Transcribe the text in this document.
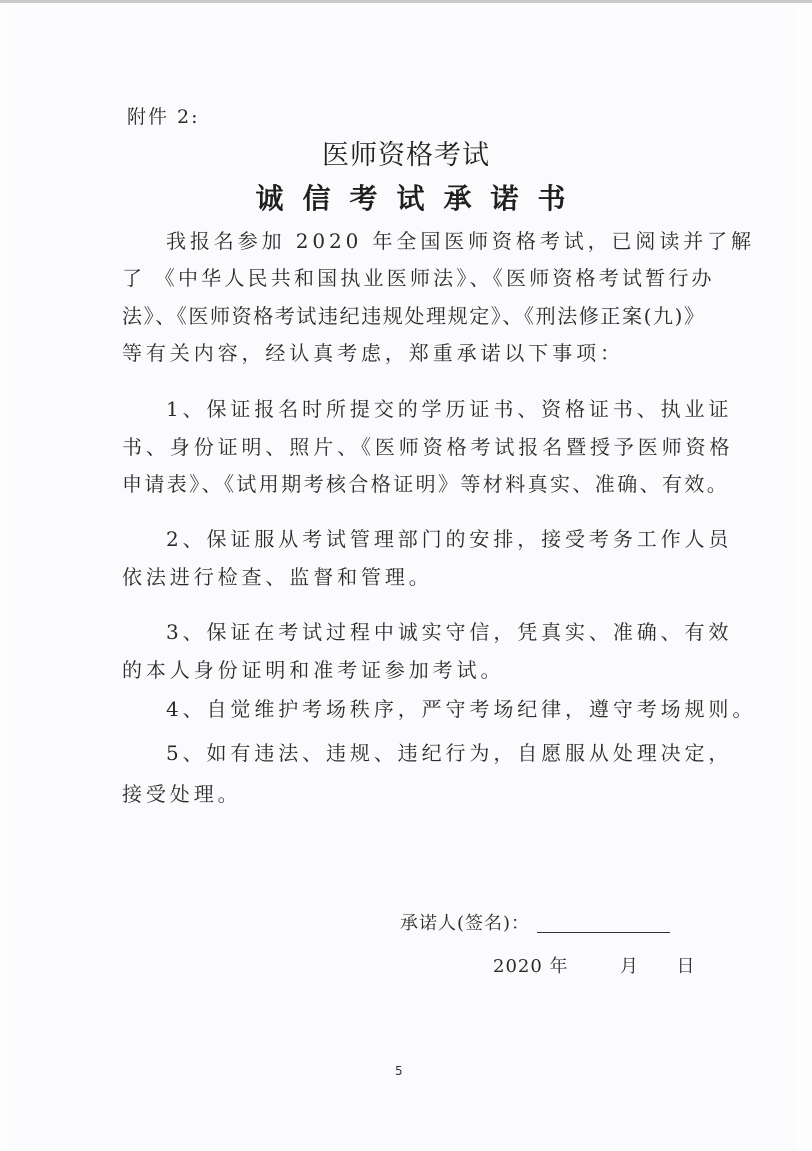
附件 2:
医师资格考试
诚信考试承诺书
我报名参加 2020 年全国医师资格考试，已阅读并了解
了 《中华人民共和国执业医师法》、《医师资格考试暂行办
法》、《医师资格考试违纪违规处理规定》、《刑法修正案(九)》
等有关内容，经认真考虑，郑重承诺以下事项：
1、保证报名时所提交的学历证书、资格证书、执业证
书、身份证明、照片、《医师资格考试报名暨授予医师资格
申请表》、《试用期考核合格证明》等材料真实、准确、有效。
2、保证服从考试管理部门的安排，接受考务工作人员
依法进行检查、监督和管理。
3、保证在考试过程中诚实守信，凭真实、准确、有效
的本人身份证明和准考证参加考试。
4、自觉维护考场秩序，严守考场纪律，遵守考场规则。
5、如有违法、违规、违纪行为，自愿服从处理决定，
接受处理。
承诺人(签名)：
2020 年	月 日
5
